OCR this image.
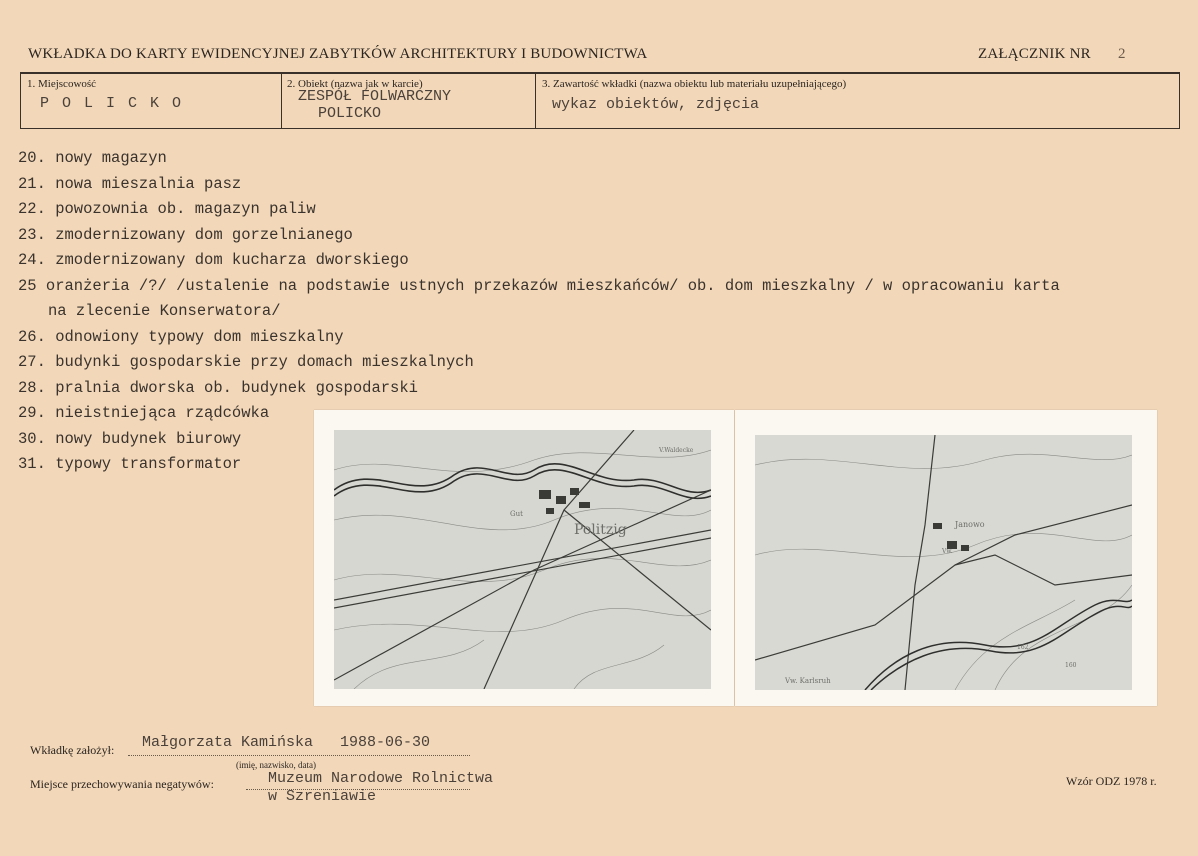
WKŁADKA DO KARTY EWIDENCYJNEJ ZABYTKÓW ARCHITEKTURY I BUDOWNICTWA	ZAŁĄCZNIK NR 2
1. Miejscowość
P O L I C K O
2. Obiekt (nazwa jak w karcie)
ZESPÓŁ FOLWARCZNY
POLICKO
3. Zawartość wkładki (nazwa obiektu lub materiału uzupełniającego)
wykaz obiektów, zdjęcia
20. nowy magazyn
21. nowa mieszalnia pasz
22. powozownia ob. magazyn paliw
23. zmodernizowany dom gorzelnianego
24. zmodernizowany dom kucharza dworskiego
25 oranżeria /?/ /ustalenie na podstawie ustnych przekazów mieszkańców/ ob. dom mieszkalny / w opracowaniu karta
na zlecenie Konserwatora/
26. odnowiony typowy dom mieszkalny
27. budynki gospodarskie przy domach mieszkalnych
28. pralnia dworska ob. budynek gospodarski
29. nieistniejąca rządcówka
30. nowy budynek biurowy
31. typowy transformator
Politzig
Gut
V.Waldecke
Janowo
Vw. Karlsruh
162
160
Vw.
Wkładkę założył: Małgorzata Kamińska   1988-06-30
(imię, nazwisko, data)
Miejsce przechowywania negatywów:	Muzeum Narodowe Rolnictwa
w Szreniawie
Wzór ODZ 1978 r.
